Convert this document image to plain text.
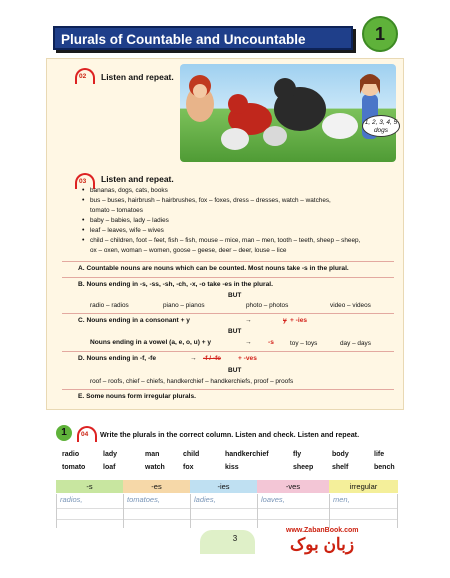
Plurals of Countable and Uncountable	1
02 Listen and repeat.
1, 2, 3, 4, 5 dogs
03 Listen and repeat.
• bananas, dogs, cats, books
• bus – buses, hairbrush – hairbrushes, fox – foxes, dress – dresses, watch – watches,
tomato – tomatoes
• baby – babies, lady – ladies
• leaf – leaves, wife – wives
• child – children, foot – feet, fish – fish, mouse – mice, man – men, tooth – teeth, sheep – sheep,
ox – oxen, woman – women, goose – geese, deer – deer, louse – lice
A. Countable nouns are nouns which can be counted. Most nouns take -s in the plural.
B. Nouns ending in -s, -ss, -sh, -ch, -x, -o take -es in the plural.
BUT
radio – radios	piano – pianos	photo – photos	video – videos
C. Nouns ending in a consonant + y	→	y + -ies
BUT
Nouns ending in a vowel (a, e, o, u) + y	→ -s	toy – toys	day – days
D. Nouns ending in -f, -fe	→ -f / -fe	+ -ves
BUT
roof – roofs, chief – chiefs, handkerchief – handkerchiefs, proof – proofs
E. Some nouns form irregular plurals.
1	04 Write the plurals in the correct column. Listen and check. Listen and repeat.
radio	lady	man	child	handkerchief	fly	body	life
tomato	loaf	watch	fox	kiss	sheep	shelf	bench
-s	-es	-ies	-ves	irregular
radios,	tomatoes,	ladies,	loaves,	men,
3
www.ZabanBook.com
زبان بوک
